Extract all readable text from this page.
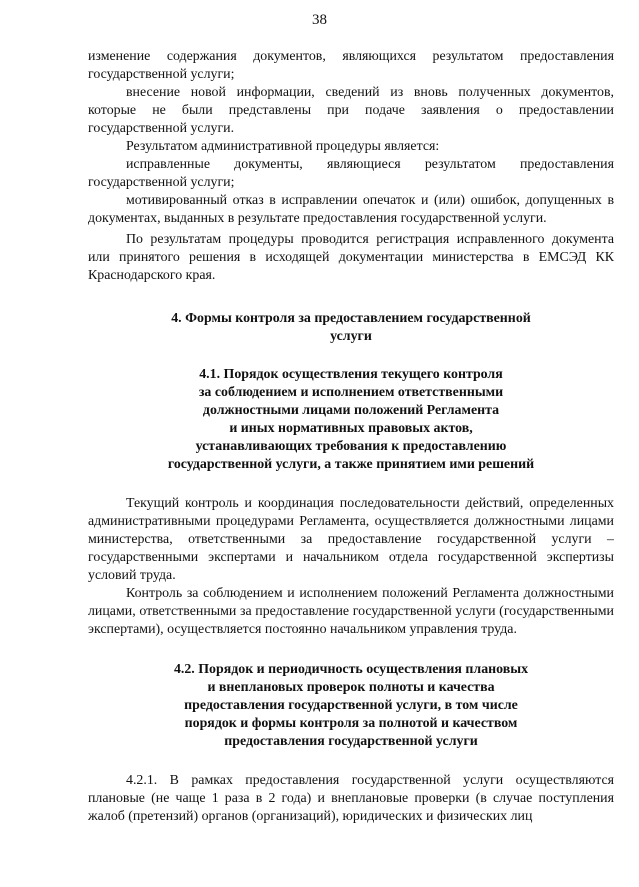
38

изменение содержания документов, являющихся результатом предоставления государственной услуги;

внесение новой информации, сведений из вновь полученных документов, которые не были представлены при подаче заявления о предоставлении государственной услуги.

Результатом административной процедуры является:

исправленные документы, являющиеся результатом предоставления государственной услуги;

мотивированный отказ в исправлении опечаток и (или) ошибок, допущенных в документах, выданных в результате предоставления государственной услуги.

По результатам процедуры проводится регистрация исправленного документа или принятого решения в исходящей документации министерства в ЕМСЭД КК Краснодарского края.

4. Формы контроля за предоставлением государственной
услуги
4.1. Порядок осуществления текущего контроля
за соблюдением и исполнением ответственными
должностными лицами положений Регламента
и иных нормативных правовых актов,
устанавливающих требования к предоставлению
государственной услуги, а также принятием ими решений

Текущий контроль и координация последовательности действий, определенных административными процедурами Регламента, осуществляется должностными лицами министерства, ответственными за предоставление государственной услуги – государственными экспертами и начальником отдела государственной экспертизы условий труда.

Контроль за соблюдением и исполнением положений Регламента должностными лицами, ответственными за предоставление государственной услуги (государственными экспертами), осуществляется постоянно начальником управления труда.

4.2. Порядок и периодичность осуществления плановых
и внеплановых проверок полноты и качества
предоставления государственной услуги, в том числе
порядок и формы контроля за полнотой и качеством
предоставления государственной услуги

4.2.1. В рамках предоставления государственной услуги осуществляются плановые (не чаще 1 раза в 2 года) и внеплановые проверки (в случае поступления жалоб (претензий) органов (организаций), юридических и физических лиц
